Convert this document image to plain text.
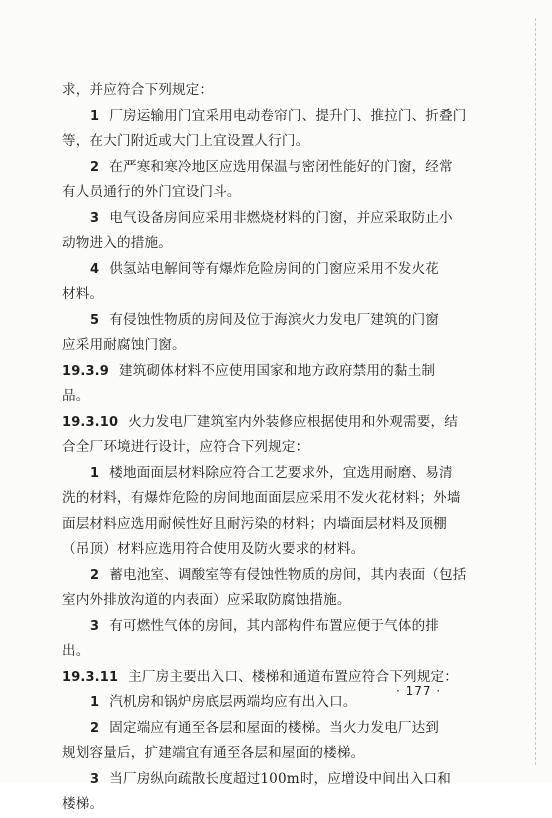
求，并应符合下列规定：
1 厂房运输用门宜采用电动卷帘门、提升门、推拉门、折叠门
等，在大门附近或大门上宜设置人行门。
2 在严寒和寒冷地区应选用保温与密闭性能好的门窗，经常
有人员通行的外门宜设门斗。
3 电气设备房间应采用非燃烧材料的门窗，并应采取防止小
动物进入的措施。
4 供氢站电解间等有爆炸危险房间的门窗应采用不发火花
材料。
5 有侵蚀性物质的房间及位于海滨火力发电厂建筑的门窗
应采用耐腐蚀门窗。
19.3.9 建筑砌体材料不应使用国家和地方政府禁用的黏土制
品。
19.3.10 火力发电厂建筑室内外装修应根据使用和外观需要，结
合全厂环境进行设计，应符合下列规定：
1 楼地面面层材料除应符合工艺要求外，宜选用耐磨、易清
洗的材料，有爆炸危险的房间地面面层应采用不发火花材料；外墙
面层材料应选用耐候性好且耐污染的材料；内墙面层材料及顶棚
（吊顶）材料应选用符合使用及防火要求的材料。
2 蓄电池室、调酸室等有侵蚀性物质的房间，其内表面（包括
室内外排放沟道的内表面）应采取防腐蚀措施。
3 有可燃性气体的房间，其内部构件布置应便于气体的排
出。
19.3.11 主厂房主要出入口、楼梯和通道布置应符合下列规定：
1 汽机房和锅炉房底层两端均应有出入口。
2 固定端应有通至各层和屋面的楼梯。当火力发电厂达到
规划容量后，扩建端宜有通至各层和屋面的楼梯。
3 当厂房纵向疏散长度超过100m时，应增设中间出入口和
楼梯。
· 177 ·
